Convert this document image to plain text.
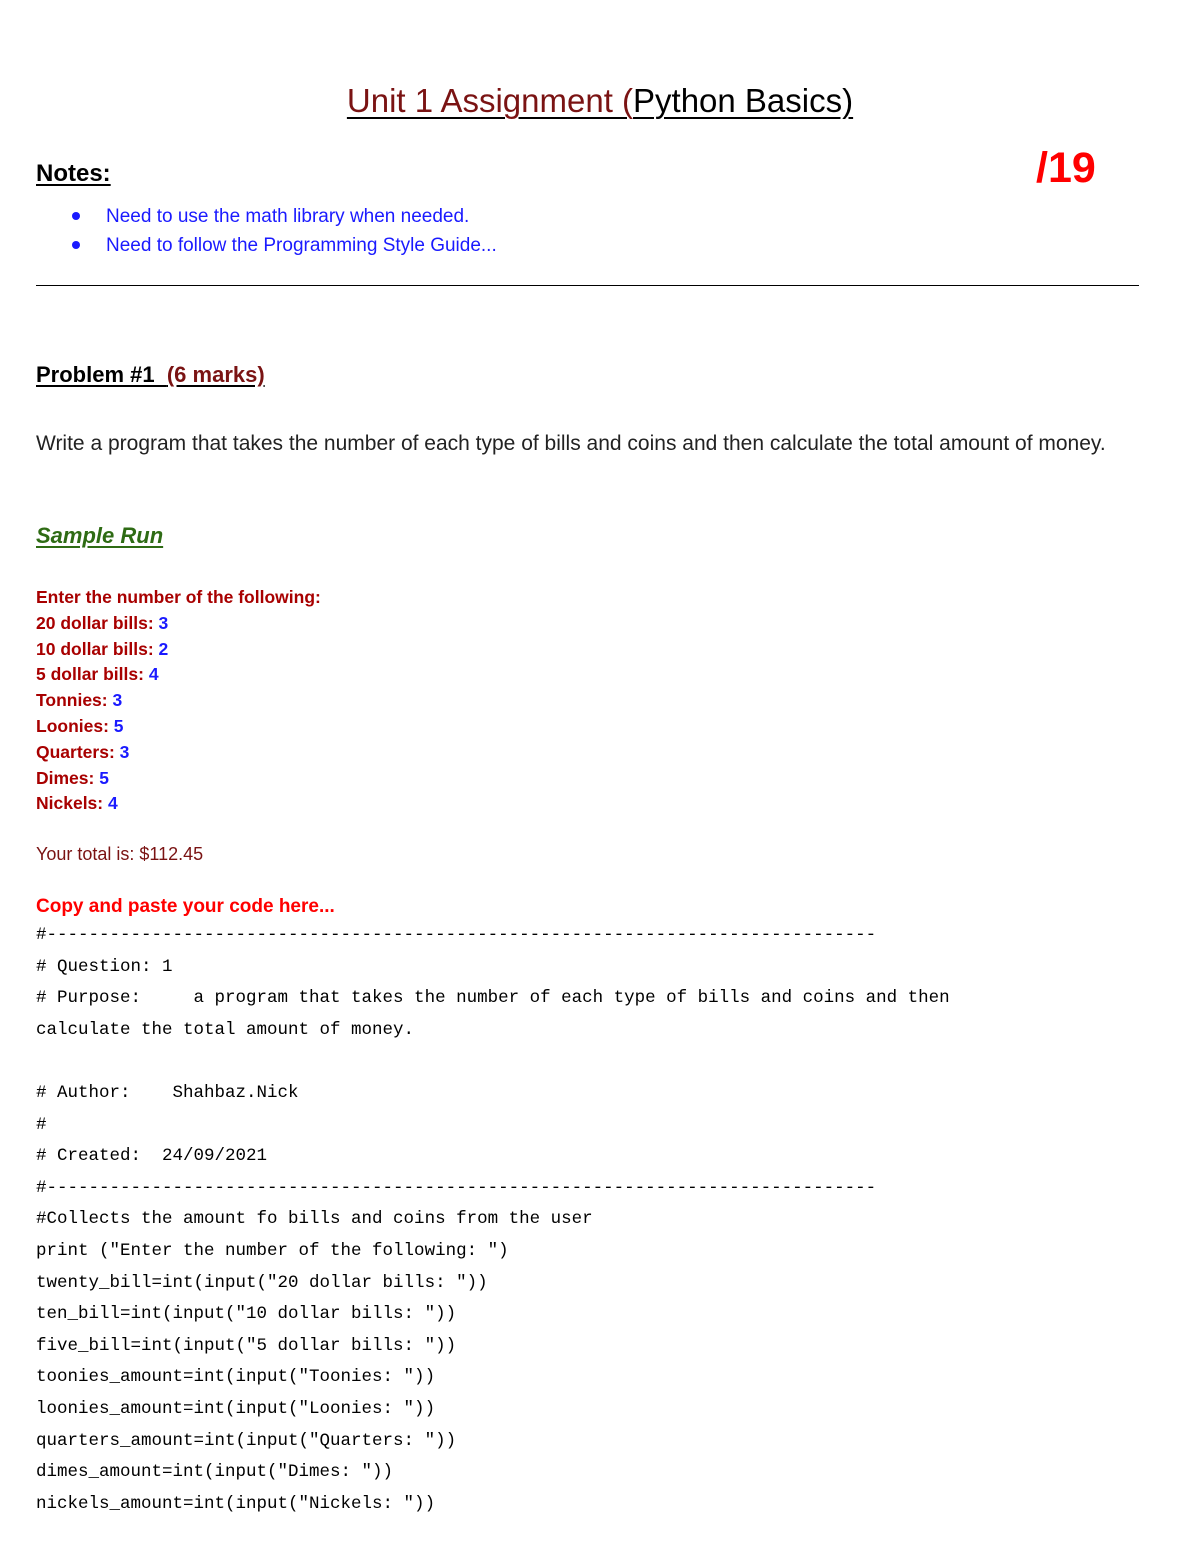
Unit 1 Assignment (Python Basics)
Notes:	/19
Need to use the math library when needed.
Need to follow the Programming Style Guide...
Problem #1  (6 marks)
Write a program that takes the number of each type of bills and coins and then calculate the total amount of money.
Sample Run
Enter the number of the following:
20 dollar bills: 3
10 dollar bills: 2
5 dollar bills: 4
Tonnies: 3
Loonies: 5
Quarters: 3
Dimes: 5
Nickels: 4
Your total is: $112.45
Copy and paste your code here...
#-------------------------------------------------------------------------------
# Question: 1
# Purpose:     a program that takes the number of each type of bills and coins and then
calculate the total amount of money.
# Author:    Shahbaz.Nick
#
# Created:  24/09/2021
#-------------------------------------------------------------------------------
#Collects the amount fo bills and coins from the user
print ("Enter the number of the following: ")
twenty_bill=int(input("20 dollar bills: "))
ten_bill=int(input("10 dollar bills: "))
five_bill=int(input("5 dollar bills: "))
toonies_amount=int(input("Toonies: "))
loonies_amount=int(input("Loonies: "))
quarters_amount=int(input("Quarters: "))
dimes_amount=int(input("Dimes: "))
nickels_amount=int(input("Nickels: "))
